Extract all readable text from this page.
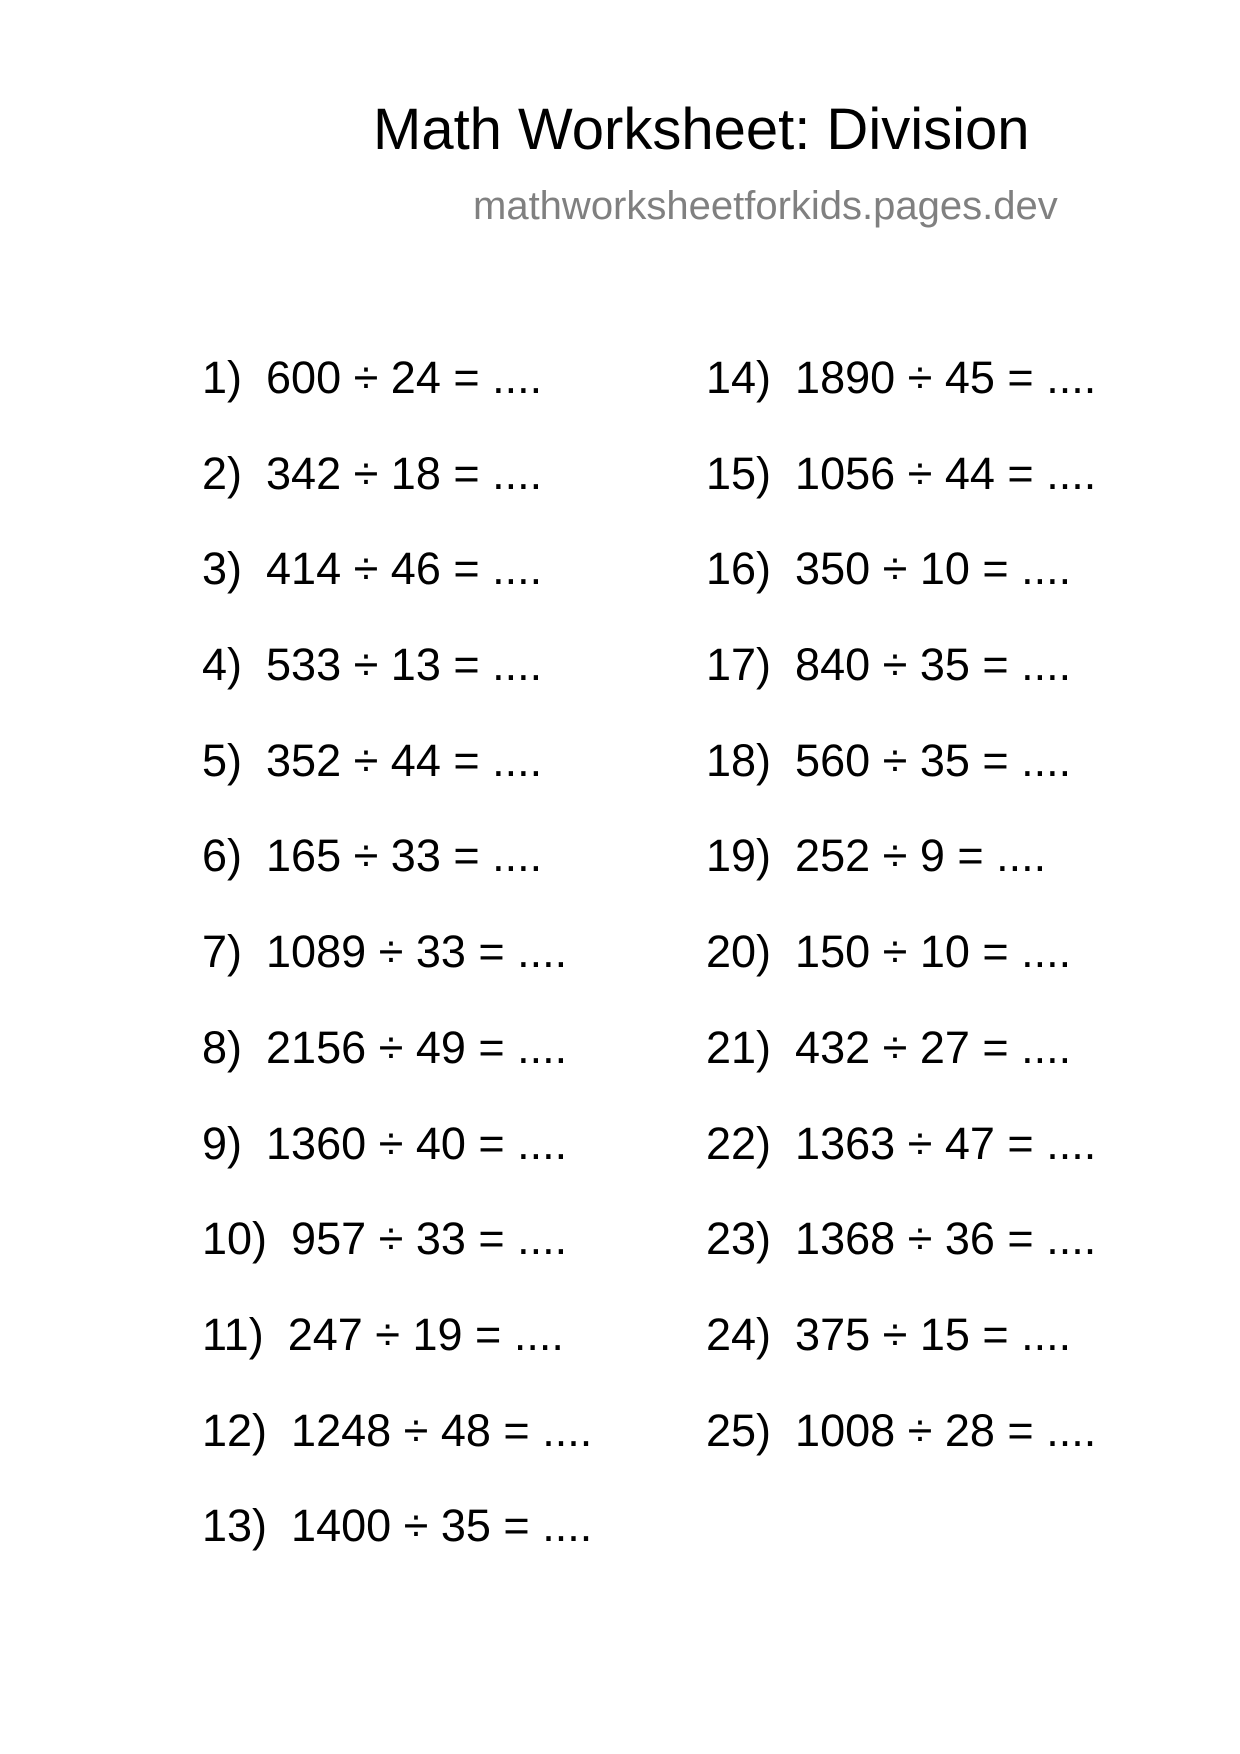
Math Worksheet: Division
mathworksheetforkids.pages.dev
1) 600 ÷ 24 = ....
2) 342 ÷ 18 = ....
3) 414 ÷ 46 = ....
4) 533 ÷ 13 = ....
5) 352 ÷ 44 = ....
6) 165 ÷ 33 = ....
7) 1089 ÷ 33 = ....
8) 2156 ÷ 49 = ....
9) 1360 ÷ 40 = ....
10) 957 ÷ 33 = ....
11) 247 ÷ 19 = ....
12) 1248 ÷ 48 = ....
13) 1400 ÷ 35 = ....
14) 1890 ÷ 45 = ....
15) 1056 ÷ 44 = ....
16) 350 ÷ 10 = ....
17) 840 ÷ 35 = ....
18) 560 ÷ 35 = ....
19) 252 ÷ 9 = ....
20) 150 ÷ 10 = ....
21) 432 ÷ 27 = ....
22) 1363 ÷ 47 = ....
23) 1368 ÷ 36 = ....
24) 375 ÷ 15 = ....
25) 1008 ÷ 28 = ....
